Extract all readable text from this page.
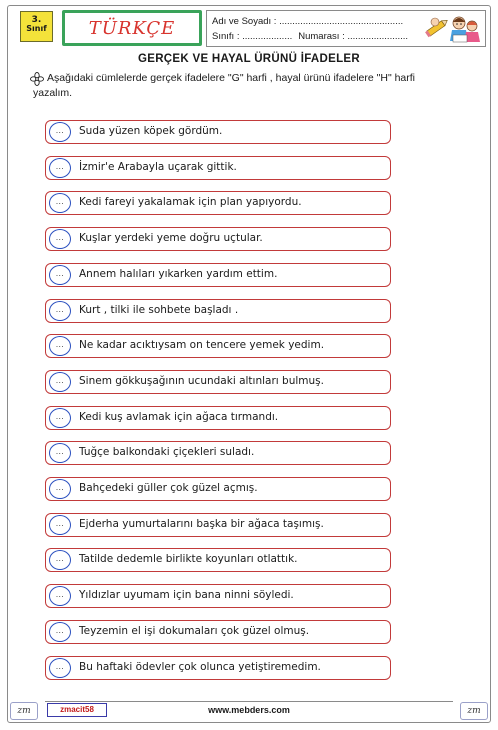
3.
Sınıf TÜRKÇE	Adı ve Soyadı : ...............................................
Sınıfı : ................... Numarası : .......................
GERÇEK VE HAYAL ÜRÜNÜ İFADELER
Aşağıdaki cümlelerde gerçek ifadelere "G" harfi , hayal ürünü ifadelere "H" harfi
yazalım.
...	Suda yüzen köpek gördüm.
...	İzmir'e Arabayla uçarak gittik.
...	Kedi fareyi yakalamak için plan yapıyordu.
...	Kuşlar yerdeki yeme doğru uçtular.
...	Annem halıları yıkarken yardım ettim.
...	Kurt , tilki ile sohbete başladı .
...	Ne kadar acıktıysam on tencere yemek yedim.
...	Sinem gökkuşağının ucundaki altınları bulmuş.
...	Kedi kuş avlamak için ağaca tırmandı.
...	Tuğçe balkondaki çiçekleri suladı.
...	Bahçedeki güller çok güzel açmış.
...	Ejderha yumurtalarını başka bir ağaca taşımış.
...	Tatilde dedemle birlikte koyunları otlattık.
...	Yıldızlar uyumam için bana ninni söyledi.
...	Teyzemin el işi dokumaları çok güzel olmuş.
...	Bu haftaki ödevler çok olunca yetiştiremedim.
zm	zmacit58	www.mebders.com	zm
